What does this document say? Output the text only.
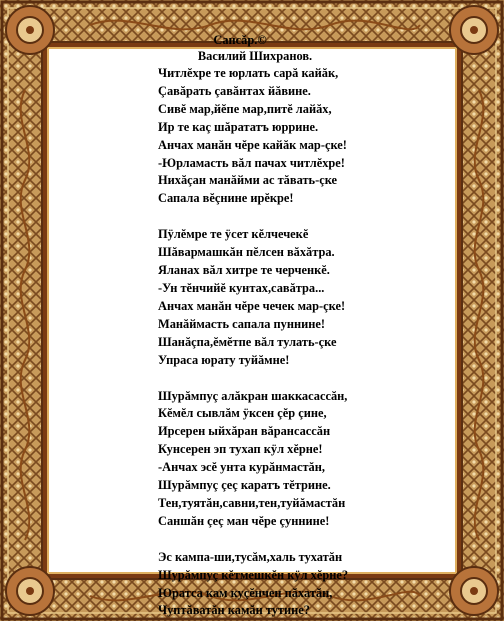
Сансăр.©
Василий Шихранов.
Читлĕхре те юрлать сарă кайăк,
Çавăрать çавăнтах йăвине.
Сивĕ мар,йĕпе мар,питĕ лайăх,
Ир те каç шăрататъ юррине.
Анчах манăн чĕре кайăк мар-çке!
-Юрламасть вăл пачах читлĕхре!
Нихăçан манăйми ас тăвать-çке
Сапала вĕçнине ирĕкре!
Пÿлĕмре те ÿсет кĕлчечекĕ
Шăвармашкăн пĕлсен вăхăтра.
Яланах вăл хитре те черченкĕ.
-Ун тĕнчийĕ кунтах,савăтра...
Анчах манăн чĕре чечек мар-çке!
Манăймасть сапала пуннине!
Шанăçпа,ĕмĕтпе вăл тулать-çке
Упраса юрату туйăмне!
Шурăмпуç алăкран шаккасассăн,
Кĕмĕл сывлăм ÿксен çĕр çине,
Ирсерен ыйхăран вăрансассăн
Кунсерен эп тухап кÿл хĕрне!
-Анчах эсĕ унта курăнмастăн,
Шурăмпуç çеç каратъ тĕтрине.
Тен,туятăн,савни,тен,туйăмастăн
Саншăн çеç ман чĕре çуннине!
Эс кампа-ши,тусăм,халь тухатăн
Шурăмпуç кĕтмешкĕн кÿл хĕрне?
Юратса кам куçĕнчен пăхатăн,
Чуптăватăн камăн тутине?
